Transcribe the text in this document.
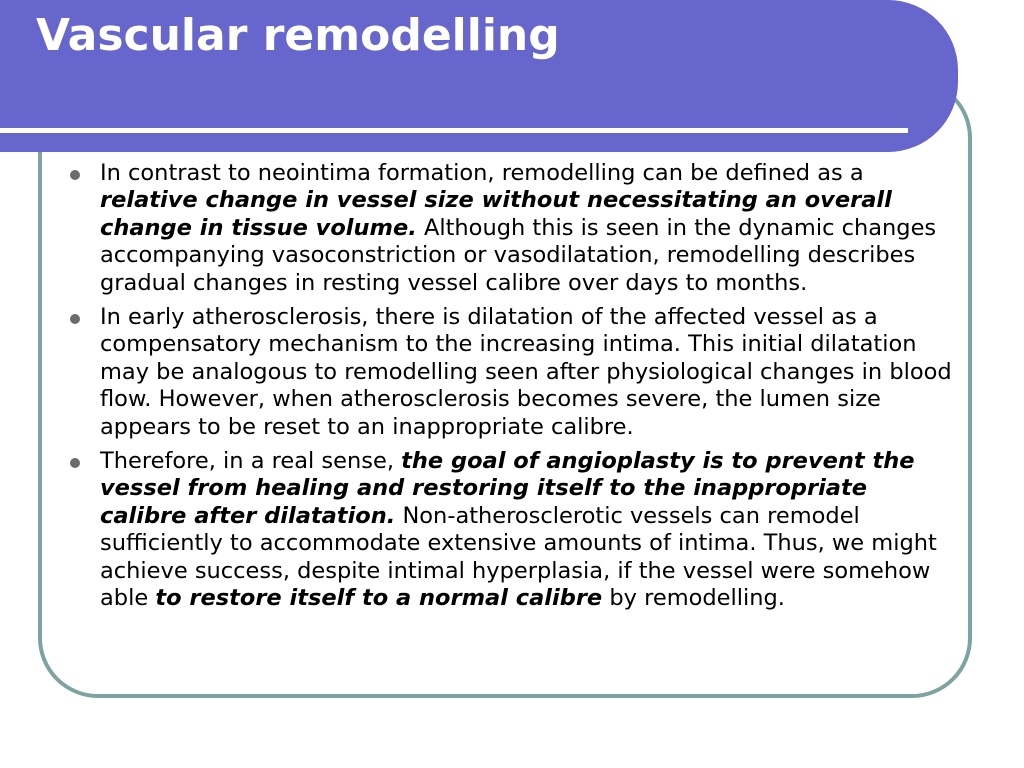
Vascular remodelling
In contrast to neointima formation, remodelling can be defined as a relative change in vessel size without necessitating an overall change in tissue volume. Although this is seen in the dynamic changes accompanying vasoconstriction or vasodilatation, remodelling describes gradual changes in resting vessel calibre over days to months.
In early atherosclerosis, there is dilatation of the affected vessel as a compensatory mechanism to the increasing intima. This initial dilatation may be analogous to remodelling seen after physiological changes in blood flow. However, when atherosclerosis becomes severe, the lumen size appears to be reset to an inappropriate calibre.
Therefore, in a real sense, the goal of angioplasty is to prevent the vessel from healing and restoring itself to the inappropriate calibre after dilatation. Non-atherosclerotic vessels can remodel sufficiently to accommodate extensive amounts of intima. Thus, we might achieve success, despite intimal hyperplasia, if the vessel were somehow able to restore itself to a normal calibre by remodelling.
